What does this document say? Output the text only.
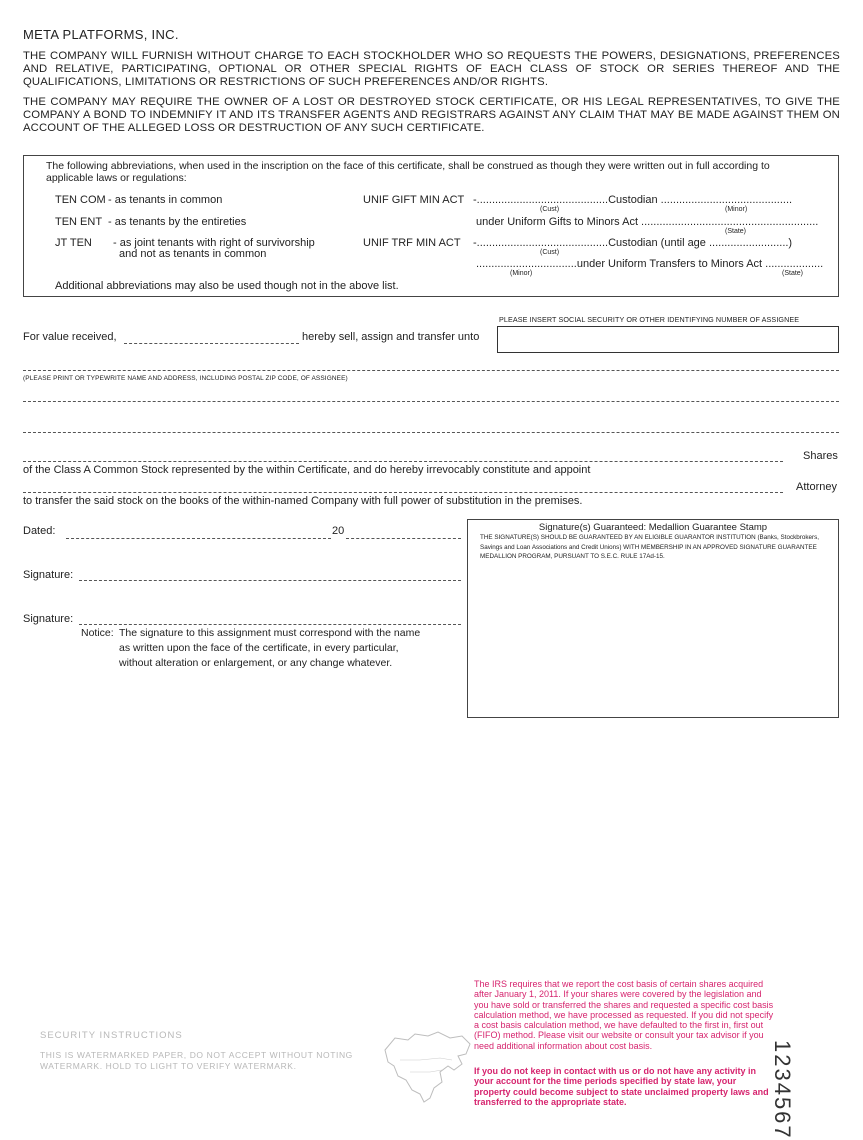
META PLATFORMS, INC.
THE COMPANY WILL FURNISH WITHOUT CHARGE TO EACH STOCKHOLDER WHO SO REQUESTS THE POWERS, DESIGNATIONS, PREFERENCES AND RELATIVE, PARTICIPATING, OPTIONAL OR OTHER SPECIAL RIGHTS OF EACH CLASS OF STOCK OR SERIES THEREOF AND THE QUALIFICATIONS, LIMITATIONS OR RESTRICTIONS OF SUCH PREFERENCES AND/OR RIGHTS.
THE COMPANY MAY REQUIRE THE OWNER OF A LOST OR DESTROYED STOCK CERTIFICATE, OR HIS LEGAL REPRESENTATIVES, TO GIVE THE COMPANY A BOND TO INDEMNIFY IT AND ITS TRANSFER AGENTS AND REGISTRARS AGAINST ANY CLAIM THAT MAY BE MADE AGAINST THEM ON ACCOUNT OF THE ALLEGED LOSS OR DESTRUCTION OF ANY SUCH CERTIFICATE.
The following abbreviations, when used in the inscription on the face of this certificate, shall be construed as though they were written out in full according to applicable laws or regulations:
TEN COM - as tenants in common
TEN ENT - as tenants by the entireties
JT TEN - as joint tenants with right of survivorship
and not as tenants in common
UNIF GIFT MIN ACT -...........................................Custodian ...........................................
(Cust)	(Minor)
under Uniform Gifts to Minors Act ..........................................................
(State)
UNIF TRF MIN ACT -...........................................Custodian (until age ..........................)
(Cust)
.................................under Uniform Transfers to Minors Act ...................
(Minor)	(State)
Additional abbreviations may also be used though not in the above list.
PLEASE INSERT SOCIAL SECURITY OR OTHER IDENTIFYING NUMBER OF ASSIGNEE
For value received,	hereby sell, assign and transfer unto
(PLEASE PRINT OR TYPEWRITE NAME AND ADDRESS, INCLUDING POSTAL ZIP CODE, OF ASSIGNEE)
Shares
of the Class A Common Stock represented by the within Certificate, and do hereby irrevocably constitute and appoint
Attorney
to transfer the said stock on the books of the within-named Company with full power of substitution in the premises.
Dated:	20
Signature:
Signature:
Notice: The signature to this assignment must correspond with the name
as written upon the face of the certificate, in every particular,
without alteration or enlargement, or any change whatever.
Signature(s) Guaranteed: Medallion Guarantee Stamp
THE SIGNATURE(S) SHOULD BE GUARANTEED BY AN ELIGIBLE GUARANTOR INSTITUTION (Banks, Stockbrokers, Savings and Loan Associations and Credit Unions) WITH MEMBERSHIP IN AN APPROVED SIGNATURE GUARANTEE MEDALLION PROGRAM, PURSUANT TO S.E.C. RULE 17Ad-15.
SECURITY INSTRUCTIONS
THIS IS WATERMARKED PAPER, DO NOT ACCEPT WITHOUT NOTING WATERMARK. HOLD TO LIGHT TO VERIFY WATERMARK.
The IRS requires that we report the cost basis of certain shares acquired after January 1, 2011. If your shares were covered by the legislation and you have sold or transferred the shares and requested a specific cost basis calculation method, we have processed as requested. If you did not specify a cost basis calculation method, we have defaulted to the first in, first out (FIFO) method. Please visit our website or consult your tax advisor if you need additional information about cost basis.
If you do not keep in contact with us or do not have any activity in your account for the time periods specified by state law, your property could become subject to state unclaimed property laws and transferred to the appropriate state.	1234567
